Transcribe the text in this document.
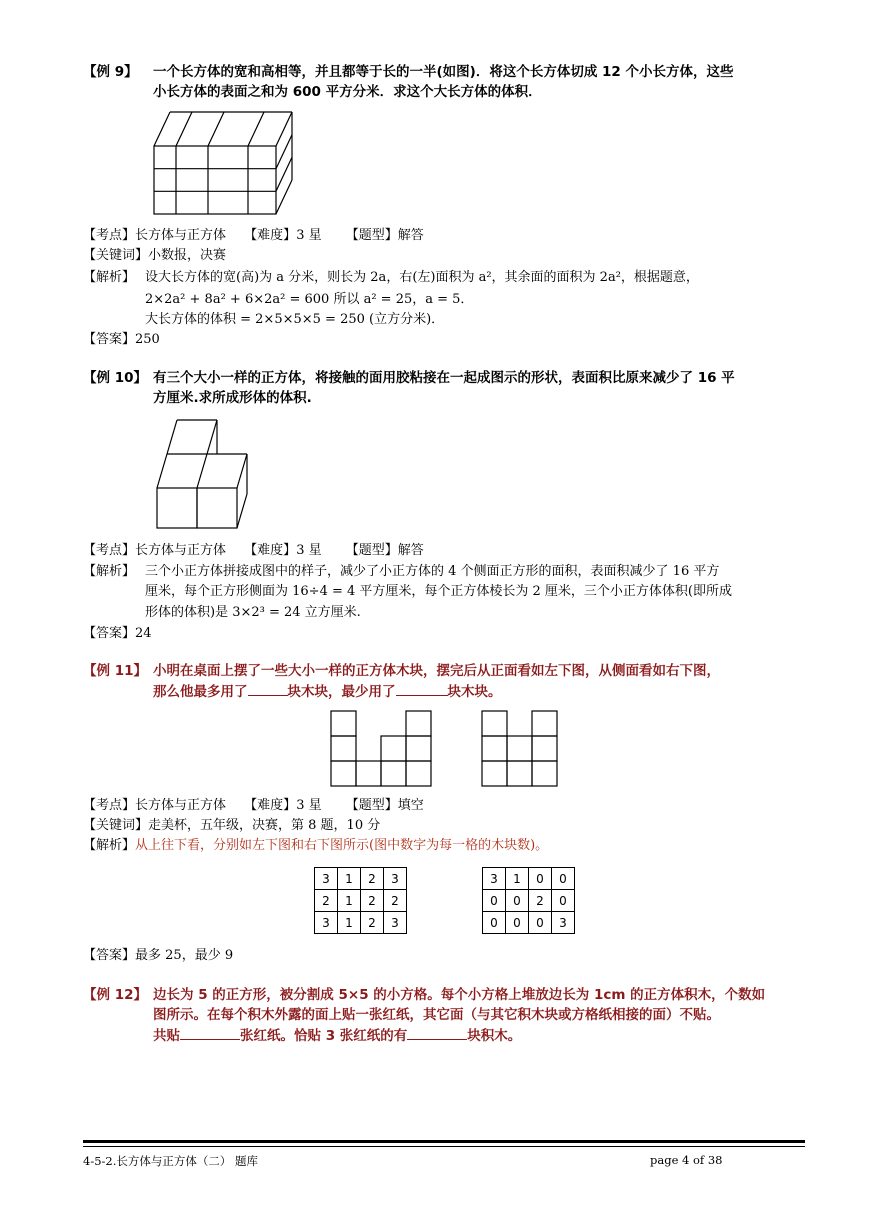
【例 9】 一个长方体的宽和高相等，并且都等于长的一半(如图)．将这个长方体切成 12 个小长方体，这些
小长方体的表面之和为 600 平方分米．求这个大长方体的体积．
【考点】长方体与正方体 【难度】3 星 【题型】解答
【关键词】小数报，决赛
【解析】 设大长方体的宽(高)为 a 分米，则长为 2a，右(左)面积为 a²，其余面的面积为 2a²，根据题意，
2×2a² + 8a² + 6×2a² = 600 所以 a² = 25，a = 5．
大长方体的体积 = 2×5×5×5 = 250 (立方分米)．
【答案】250
【例 10】 有三个大小一样的正方体，将接触的面用胶粘接在一起成图示的形状，表面积比原来减少了 16 平
方厘米.求所成形体的体积.
【考点】长方体与正方体 【难度】3 星 【题型】解答
【解析】 三个小正方体拼接成图中的样子，减少了小正方体的 4 个侧面正方形的面积，表面积减少了 16 平方
厘米，每个正方形侧面为 16÷4 = 4 平方厘米，每个正方体棱长为 2 厘米，三个小正方体体积(即所成
形体的体积)是 3×2³ = 24 立方厘米.
【答案】24
【例 11】 小明在桌面上摆了一些大小一样的正方体木块，摆完后从正面看如左下图，从侧面看如右下图，
那么他最多用了	块木块，最少用了	块木块。
【考点】长方体与正方体 【难度】3 星 【题型】填空
【关键词】走美杯，五年级，决赛，第 8 题，10 分
【解析】从上往下看，分别如左下图和右下图所示(图中数字为每一格的木块数)。
3	1	2	3
2	1	2	2
3	1	2	3
3	1	0	0
0	0	2	0
0	0	0	3
【答案】最多 25，最少 9
【例 12】 边长为 5 的正方形，被分割成 5×5 的小方格。每个小方格上堆放边长为 1cm 的正方体积木，个数如
图所示。在每个积木外露的面上贴一张红纸，其它面（与其它积木块或方格纸相接的面）不贴。
共贴	张红纸。恰贴 3 张红纸的有	块积木。
4-5-2.长方体与正方体（二） 题库	page 4 of 38
